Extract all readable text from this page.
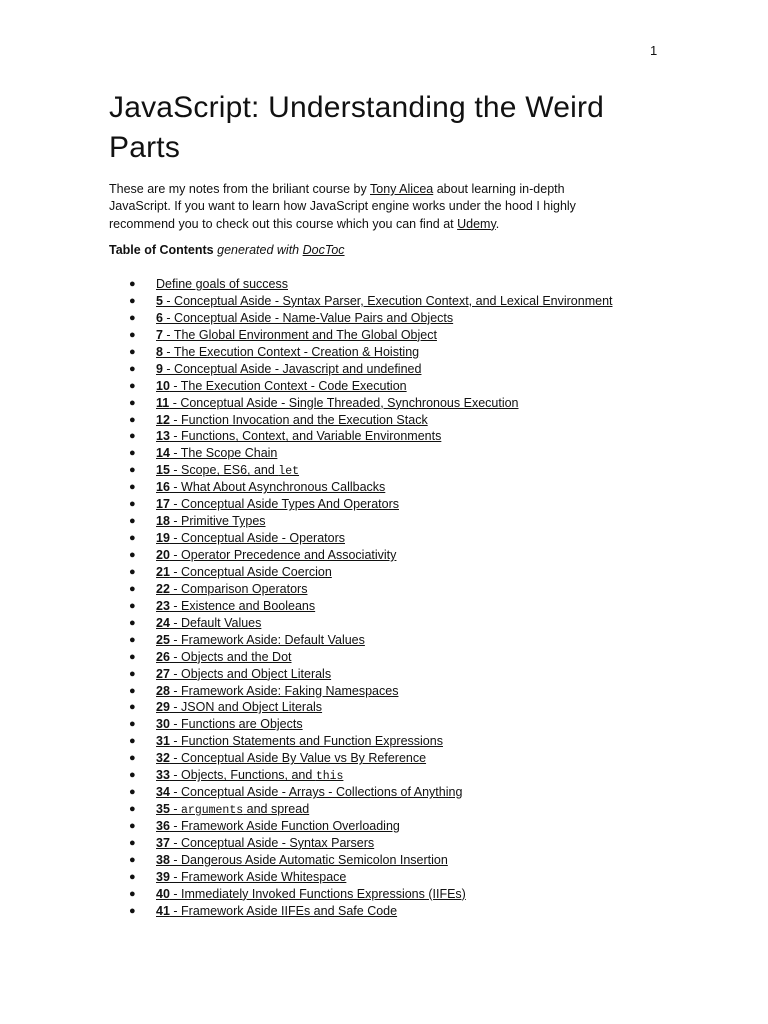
1
JavaScript: Understanding the Weird Parts

These are my notes from the briliant course by Tony Alicea about learning in-depth JavaScript. If you want to learn how JavaScript engine works under the hood I highly recommend you to check out this course which you can find at Udemy.

Table of Contents generated with DocToc

● Define goals of success
● 5 - Conceptual Aside - Syntax Parser, Execution Context, and Lexical Environment
● 6 - Conceptual Aside - Name-Value Pairs and Objects
● 7 - The Global Environment and The Global Object
● 8 - The Execution Context - Creation & Hoisting
● 9 - Conceptual Aside - Javascript and undefined
● 10 - The Execution Context - Code Execution
● 11 - Conceptual Aside - Single Threaded, Synchronous Execution
● 12 - Function Invocation and the Execution Stack
● 13 - Functions, Context, and Variable Environments
● 14 - The Scope Chain
● 15 - Scope, ES6, and let
● 16 - What About Asynchronous Callbacks
● 17 - Conceptual Aside Types And Operators
● 18 - Primitive Types
● 19 - Conceptual Aside - Operators
● 20 - Operator Precedence and Associativity
● 21 - Conceptual Aside Coercion
● 22 - Comparison Operators
● 23 - Existence and Booleans
● 24 - Default Values
● 25 - Framework Aside: Default Values
● 26 - Objects and the Dot
● 27 - Objects and Object Literals
● 28 - Framework Aside: Faking Namespaces
● 29 - JSON and Object Literals
● 30 - Functions are Objects
● 31 - Function Statements and Function Expressions
● 32 - Conceptual Aside By Value vs By Reference
● 33 - Objects, Functions, and this
● 34 - Conceptual Aside - Arrays - Collections of Anything
● 35 - arguments and spread
● 36 - Framework Aside Function Overloading
● 37 - Conceptual Aside - Syntax Parsers
● 38 - Dangerous Aside Automatic Semicolon Insertion
● 39 - Framework Aside Whitespace
● 40 - Immediately Invoked Functions Expressions (IIFEs)
● 41 - Framework Aside IIFEs and Safe Code
